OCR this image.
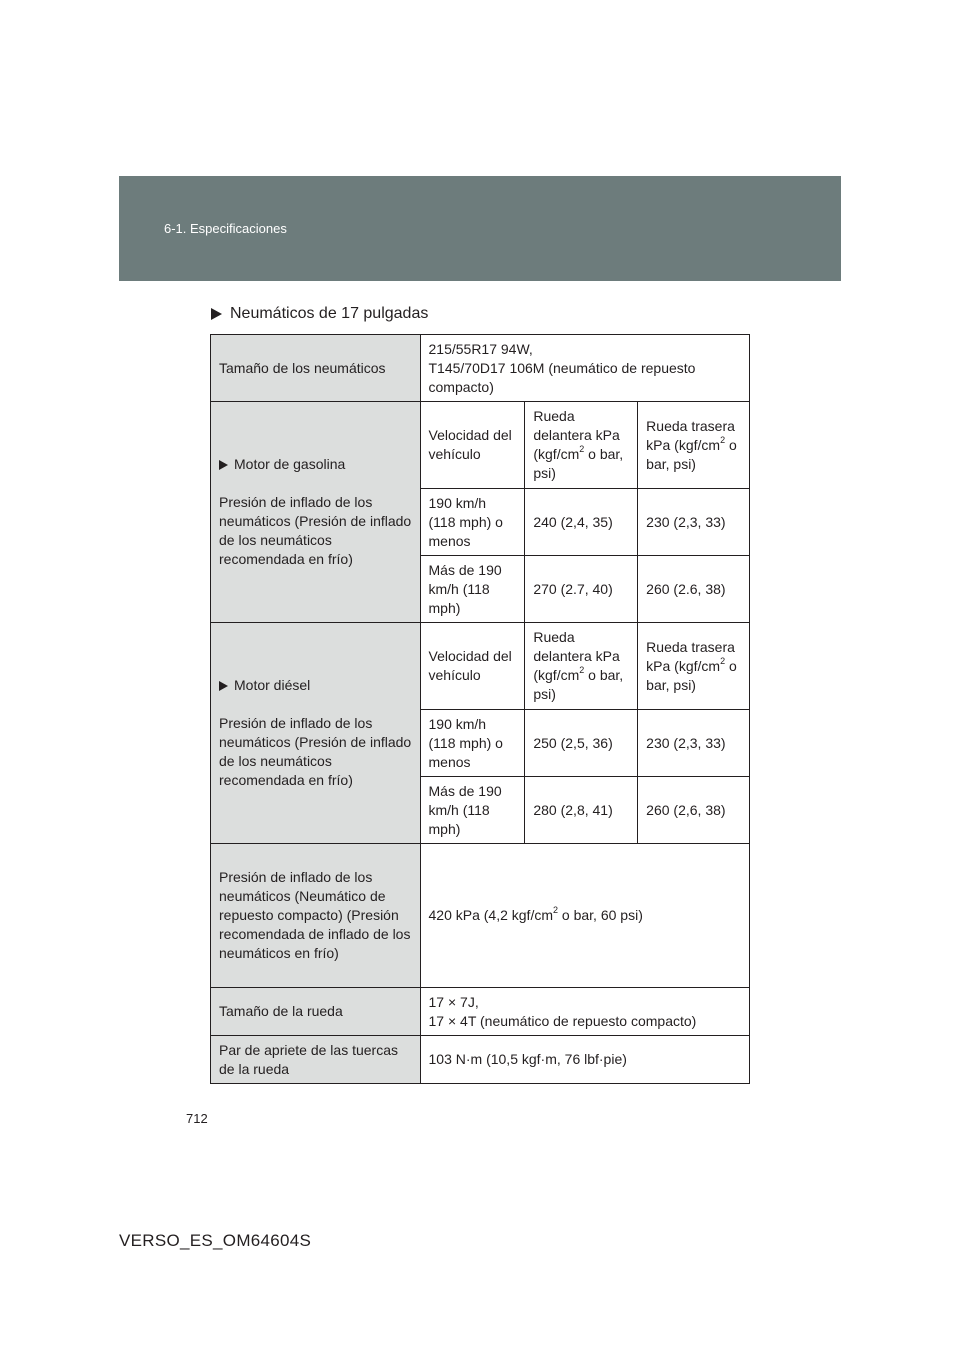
6-1. Especificaciones
Neumáticos de 17 pulgadas
Tamaño de los neumáticos	215/55R17 94W,
T145/70D17 106M (neumático de repuesto compacto)		

Motor de gasolina
Presión de inflado de los neumáticos (Presión de inflado de los neumáticos recomendada en frío)	Velocidad del vehículo	Rueda delantera kPa ($kgf/cm^2$ o bar, psi)	Rueda trasera kPa ($kgf/cm^2$ o bar, psi)
	190 km/h (118 mph) o menos	240 (2,4, 35)	230 (2,3, 33)
	Más de 190 km/h (118 mph)	270 (2.7, 40)	260 (2.6, 38)

Motor diésel
Presión de inflado de los neumáticos (Presión de inflado de los neumáticos recomendada en frío)	Velocidad del vehículo	Rueda delantera kPa ($kgf/cm^2$ o bar, psi)	Rueda trasera kPa ($kgf/cm^2$ o bar, psi)
	190 km/h (118 mph) o menos	250 (2,5, 36)	230 (2,3, 33)
	Más de 190 km/h (118 mph)	280 (2,8, 41)	260 (2,6, 38)
Presión de inflado de los neumáticos (Neumático de repuesto compacto) (Presión recomendada de inflado de los neumáticos en frío)	420 kPa (4,2 kgf/$cm^2$ o bar, 60 psi)		
Tamaño de la rueda	17 × 7J,
17 × 4T (neumático de repuesto compacto)		

Par de apriete de las tuercas de la rueda	103 N·m (10,5 kgf·m, 76 lbf·pie)		
712
VERSO_ES_OM64604S
